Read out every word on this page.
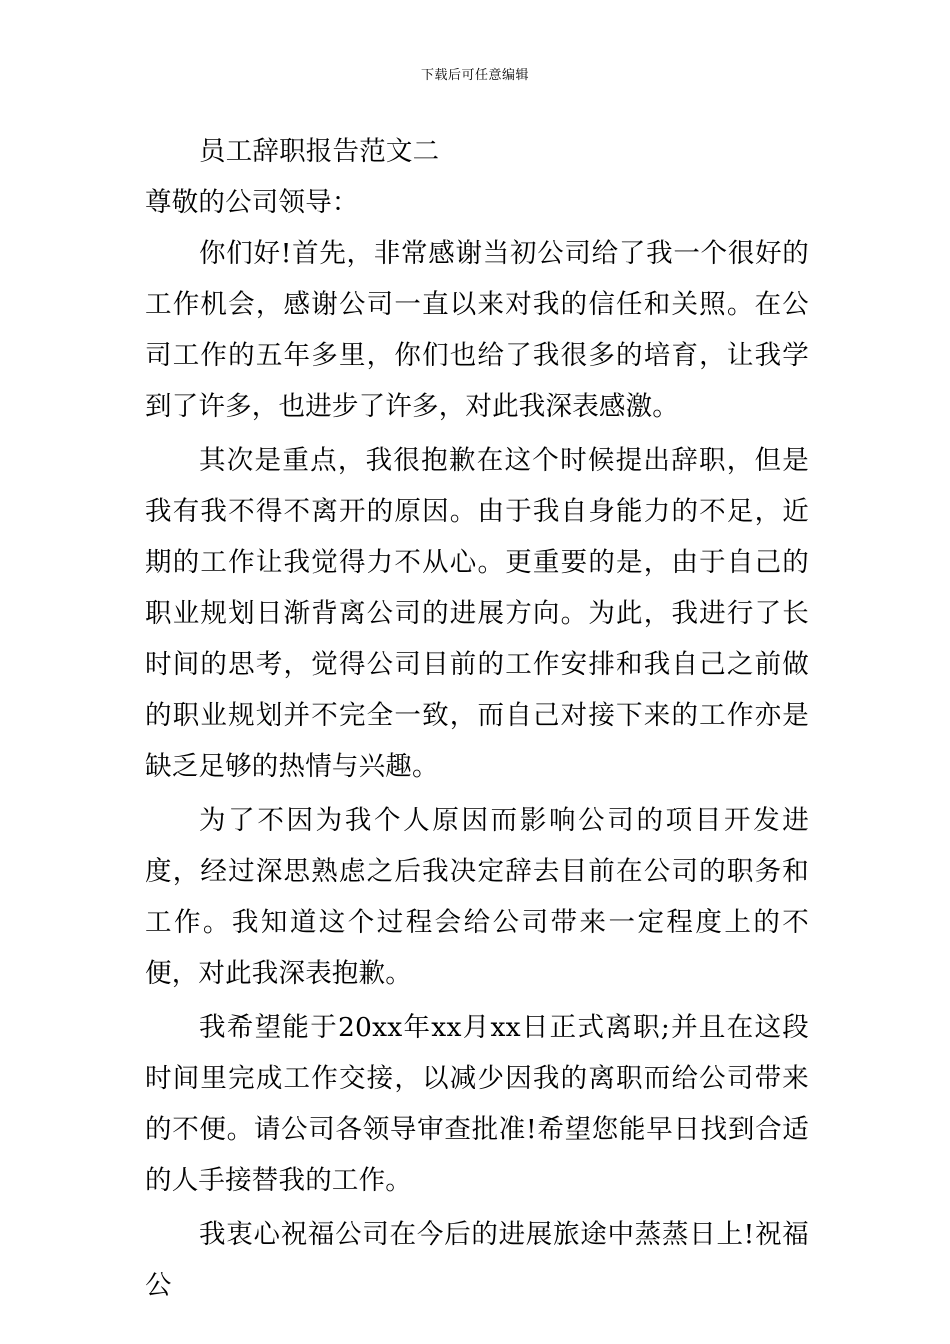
下载后可任意编辑
员工辞职报告范文二

尊敬的公司领导：

你们好!首先，非常感谢当初公司给了我一个很好的工作机会，感谢公司一直以来对我的信任和关照。在公司工作的五年多里，你们也给了我很多的培育，让我学到了许多，也进步了许多，对此我深表感激。

其次是重点，我很抱歉在这个时候提出辞职，但是我有我不得不离开的原因。由于我自身能力的不足，近期的工作让我觉得力不从心。更重要的是，由于自己的职业规划日渐背离公司的进展方向。为此，我进行了长时间的思考，觉得公司目前的工作安排和我自己之前做的职业规划并不完全一致，而自己对接下来的工作亦是缺乏足够的热情与兴趣。

为了不因为我个人原因而影响公司的项目开发进度，经过深思熟虑之后我决定辞去目前在公司的职务和工作。我知道这个过程会给公司带来一定程度上的不便，对此我深表抱歉。

我希望能于20xx年xx月xx日正式离职;并且在这段时间里完成工作交接，以减少因我的离职而给公司带来的不便。请公司各领导审查批准!希望您能早日找到合适的人手接替我的工作。

我衷心祝福公司在今后的进展旅途中蒸蒸日上!祝福公
